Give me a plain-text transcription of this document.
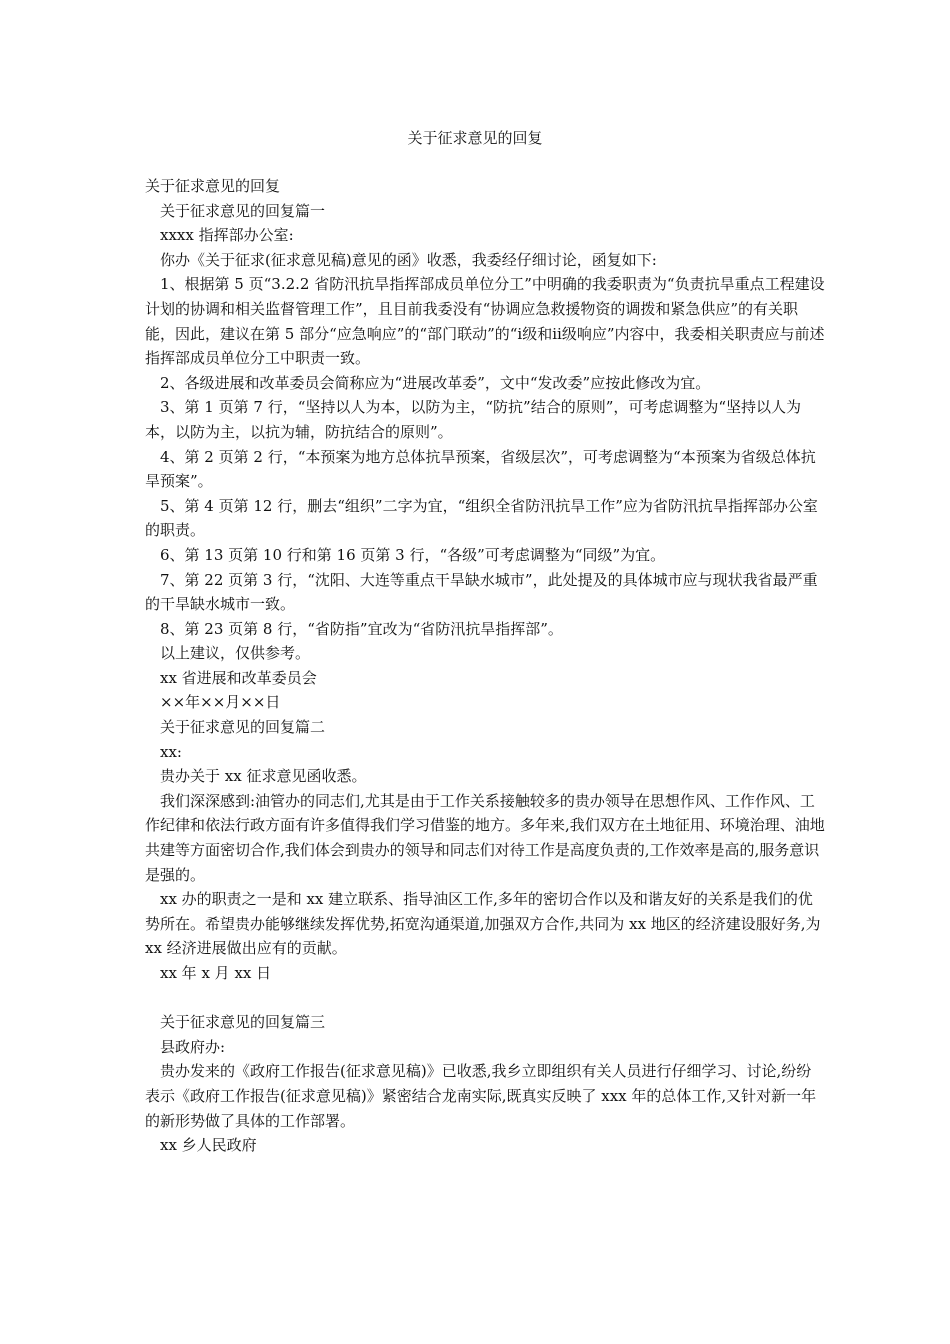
关于征求意见的回复

关于征求意见的回复

关于征求意见的回复篇一

xxxx 指挥部办公室:

你办《关于征求(征求意见稿)意见的函》收悉，我委经仔细讨论，函复如下:

1、根据第 5 页“3.2.2 省防汛抗旱指挥部成员单位分工”中明确的我委职责为“负责抗旱重点工程建设计划的协调和相关监督管理工作”，且目前我委没有“协调应急救援物资的调拨和紧急供应”的有关职能，因此，建议在第 5 部分“应急响应”的“部门联动”的“ⅰ级和ⅱ级响应”内容中，我委相关职责应与前述指挥部成员单位分工中职责一致。

2、各级进展和改革委员会简称应为“进展改革委”，文中“发改委”应按此修改为宜。

3、第 1 页第 7 行，“坚持以人为本，以防为主，“防抗”结合的原则”，可考虑调整为“坚持以人为本，以防为主，以抗为辅，防抗结合的原则”。

4、第 2 页第 2 行，“本预案为地方总体抗旱预案，省级层次”，可考虑调整为“本预案为省级总体抗旱预案”。

5、第 4 页第 12 行，删去“组织”二字为宜，“组织全省防汛抗旱工作”应为省防汛抗旱指挥部办公室的职责。

6、第 13 页第 10 行和第 16 页第 3 行，“各级”可考虑调整为“同级”为宜。

7、第 22 页第 3 行，“沈阳、大连等重点干旱缺水城市”，此处提及的具体城市应与现状我省最严重的干旱缺水城市一致。

8、第 23 页第 8 行，“省防指”宜改为“省防汛抗旱指挥部”。

以上建议，仅供参考。

xx 省进展和改革委员会

××年××月××日

关于征求意见的回复篇二

xx:

贵办关于 xx 征求意见函收悉。

我们深深感到:油管办的同志们,尤其是由于工作关系接触较多的贵办领导在思想作风、工作作风、工作纪律和依法行政方面有许多值得我们学习借鉴的地方。多年来,我们双方在土地征用、环境治理、油地共建等方面密切合作,我们体会到贵办的领导和同志们对待工作是高度负责的,工作效率是高的,服务意识是强的。

xx 办的职责之一是和 xx 建立联系、指导油区工作,多年的密切合作以及和谐友好的关系是我们的优势所在。希望贵办能够继续发挥优势,拓宽沟通渠道,加强双方合作,共同为 xx 地区的经济建设服好务,为 xx 经济进展做出应有的贡献。

xx 年 x 月 xx 日

关于征求意见的回复篇三

县政府办:

贵办发来的《政府工作报告(征求意见稿)》已收悉,我乡立即组织有关人员进行仔细学习、讨论,纷纷表示《政府工作报告(征求意见稿)》紧密结合龙南实际,既真实反映了 xxx 年的总体工作,又针对新一年的新形势做了具体的工作部署。

xx 乡人民政府
